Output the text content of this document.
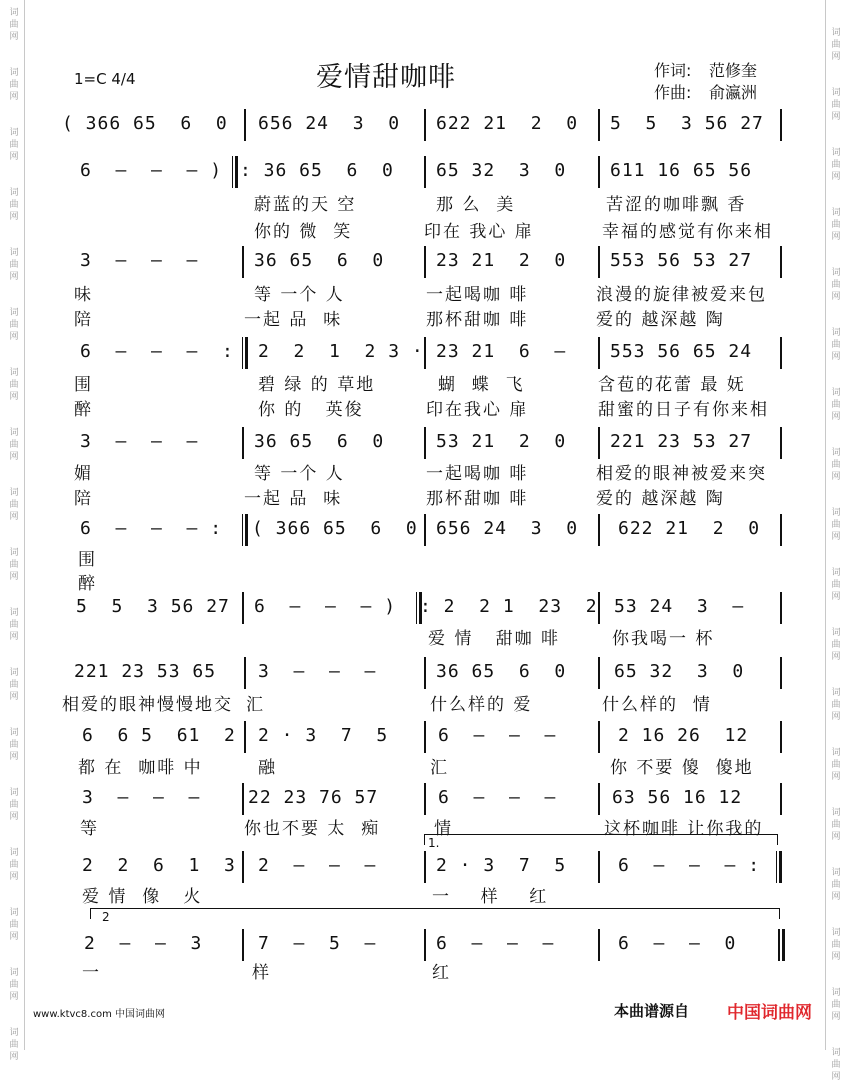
词
曲
网
词
曲
网
词
曲
网
词
曲
网
词
曲
网
词
曲
网
词
曲
网
词
曲
网
词
曲
网
词
曲
网
词
曲
网
词
曲
网
词
曲
网
词
曲
网
词
曲
网
词
曲
网
词
曲
网
词
曲
网
词
曲
网
词
曲
网
词
曲
网
词
曲
网
词
曲
网
词
曲
网
词
曲
网
词
曲
网
词
曲
网
词
曲
网
词
曲
网
词
曲
网
词
曲
网
词
曲
网
词
曲
网
词
曲
网
词
曲
网
词
曲
网
1=C 4/4	爱情甜咖啡	作词: 范修奎
作曲: 俞瀛洲
( 366 65  6  0 656 24  3  0 622 21  2  0 5  5  3 56 27
6  —  —  — ) : 36 65  6  0 65 32  3  0 611 16 65 56
蔚蓝的天 空	那 么  美	苦涩的咖啡飘 香
你的 微  笑	印在 我心 扉	幸福的感觉有你来相
3  —  —  —	36 65  6  0	23 21  2  0 553 56 53 27
味	等 一个 人	一起喝咖 啡	浪漫的旋律被爱来包
陪	一起 品  味	那杯甜咖 啡	爱的 越深越 陶
6  —  —  —  : 2  2  1  2 3 · 23 21  6  — 553 56 65 24
围	碧 绿 的 草地	蝴  蝶  飞	含苞的花蕾 最 妩
醉	你 的   英俊	印在我心 扉	甜蜜的日子有你来相
3  —  —  —	36 65  6  0	53 21  2  0 221 23 53 27
媚	等 一个 人	一起喝咖 啡	相爱的眼神被爱来突
陪	一起 品  味	那杯甜咖 啡	爱的 越深越 陶
6  —  —  — : ( 366 65  6  0 656 24  3  0 622 21  2  0
围
醉
5  5  3 56 27 6  —  —  — ) : 2  2 1  23  2 53 24  3  —
爱 情   甜咖 啡	你我喝一 杯
221 23 53 65 3  —  —  —	36 65  6  0	65 32  3  0
相爱的眼神慢慢地交 汇	什么样的 爱	什么样的  情
6  6 5  61  2 2 · 3  7  5	6  —  —  —	2 16 26  12
都 在  咖啡 中	融	汇	你 不要 傻  傻地
3  —  —  —	22 23 76 57	6  —  —  —	63 56 16 12
等	你也不要 太  痴	情	这杯咖啡 让你我的
1.
2  2  6  1  3 2  —  —  —	2 · 3  7  5	6  —  —  — :
爱 情  像   火	一    样    红
2
2  —  —  3	7  —  5  —	6  —  —  —	6  —  —  0
一	样	红
www.ktvc8.com 中国词曲网	本曲谱源自 中国词曲网
